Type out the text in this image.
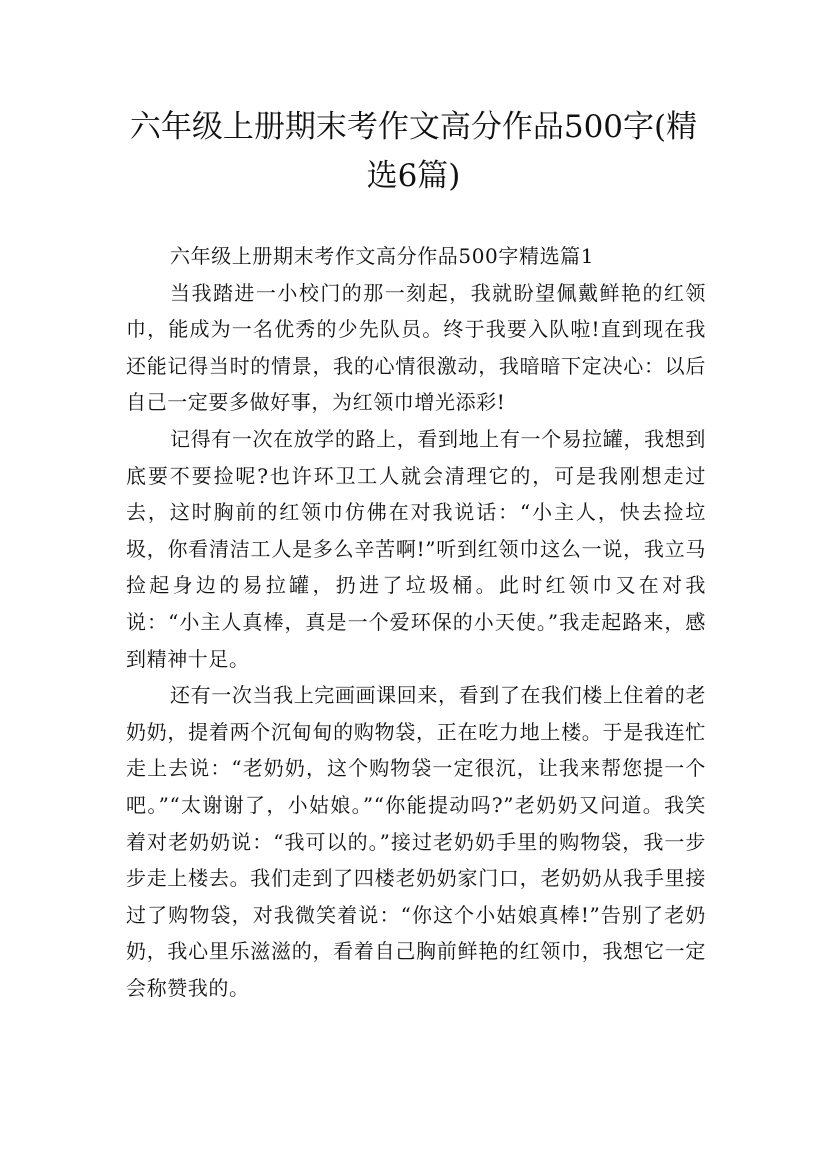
六年级上册期末考作文高分作品500字(精选6篇)

六年级上册期末考作文高分作品500字精选篇1

当我踏进一小校门的那一刻起，我就盼望佩戴鲜艳的红领巾，能成为一名优秀的少先队员。终于我要入队啦!直到现在我还能记得当时的情景，我的心情很激动，我暗暗下定决心：以后自己一定要多做好事，为红领巾增光添彩!

记得有一次在放学的路上，看到地上有一个易拉罐，我想到底要不要捡呢?也许环卫工人就会清理它的，可是我刚想走过去，这时胸前的红领巾仿佛在对我说话：“小主人，快去捡垃圾，你看清洁工人是多么辛苦啊!”听到红领巾这么一说，我立马捡起身边的易拉罐，扔进了垃圾桶。此时红领巾又在对我说：“小主人真棒，真是一个爱环保的小天使。”我走起路来，感到精神十足。

还有一次当我上完画画课回来，看到了在我们楼上住着的老奶奶，提着两个沉甸甸的购物袋，正在吃力地上楼。于是我连忙走上去说：“老奶奶，这个购物袋一定很沉，让我来帮您提一个吧。”“太谢谢了，小姑娘。”“你能提动吗?”老奶奶又问道。我笑着对老奶奶说：“我可以的。”接过老奶奶手里的购物袋，我一步步走上楼去。我们走到了四楼老奶奶家门口，老奶奶从我手里接过了购物袋，对我微笑着说：“你这个小姑娘真棒!”告别了老奶奶，我心里乐滋滋的，看着自己胸前鲜艳的红领巾，我想它一定会称赞我的。
